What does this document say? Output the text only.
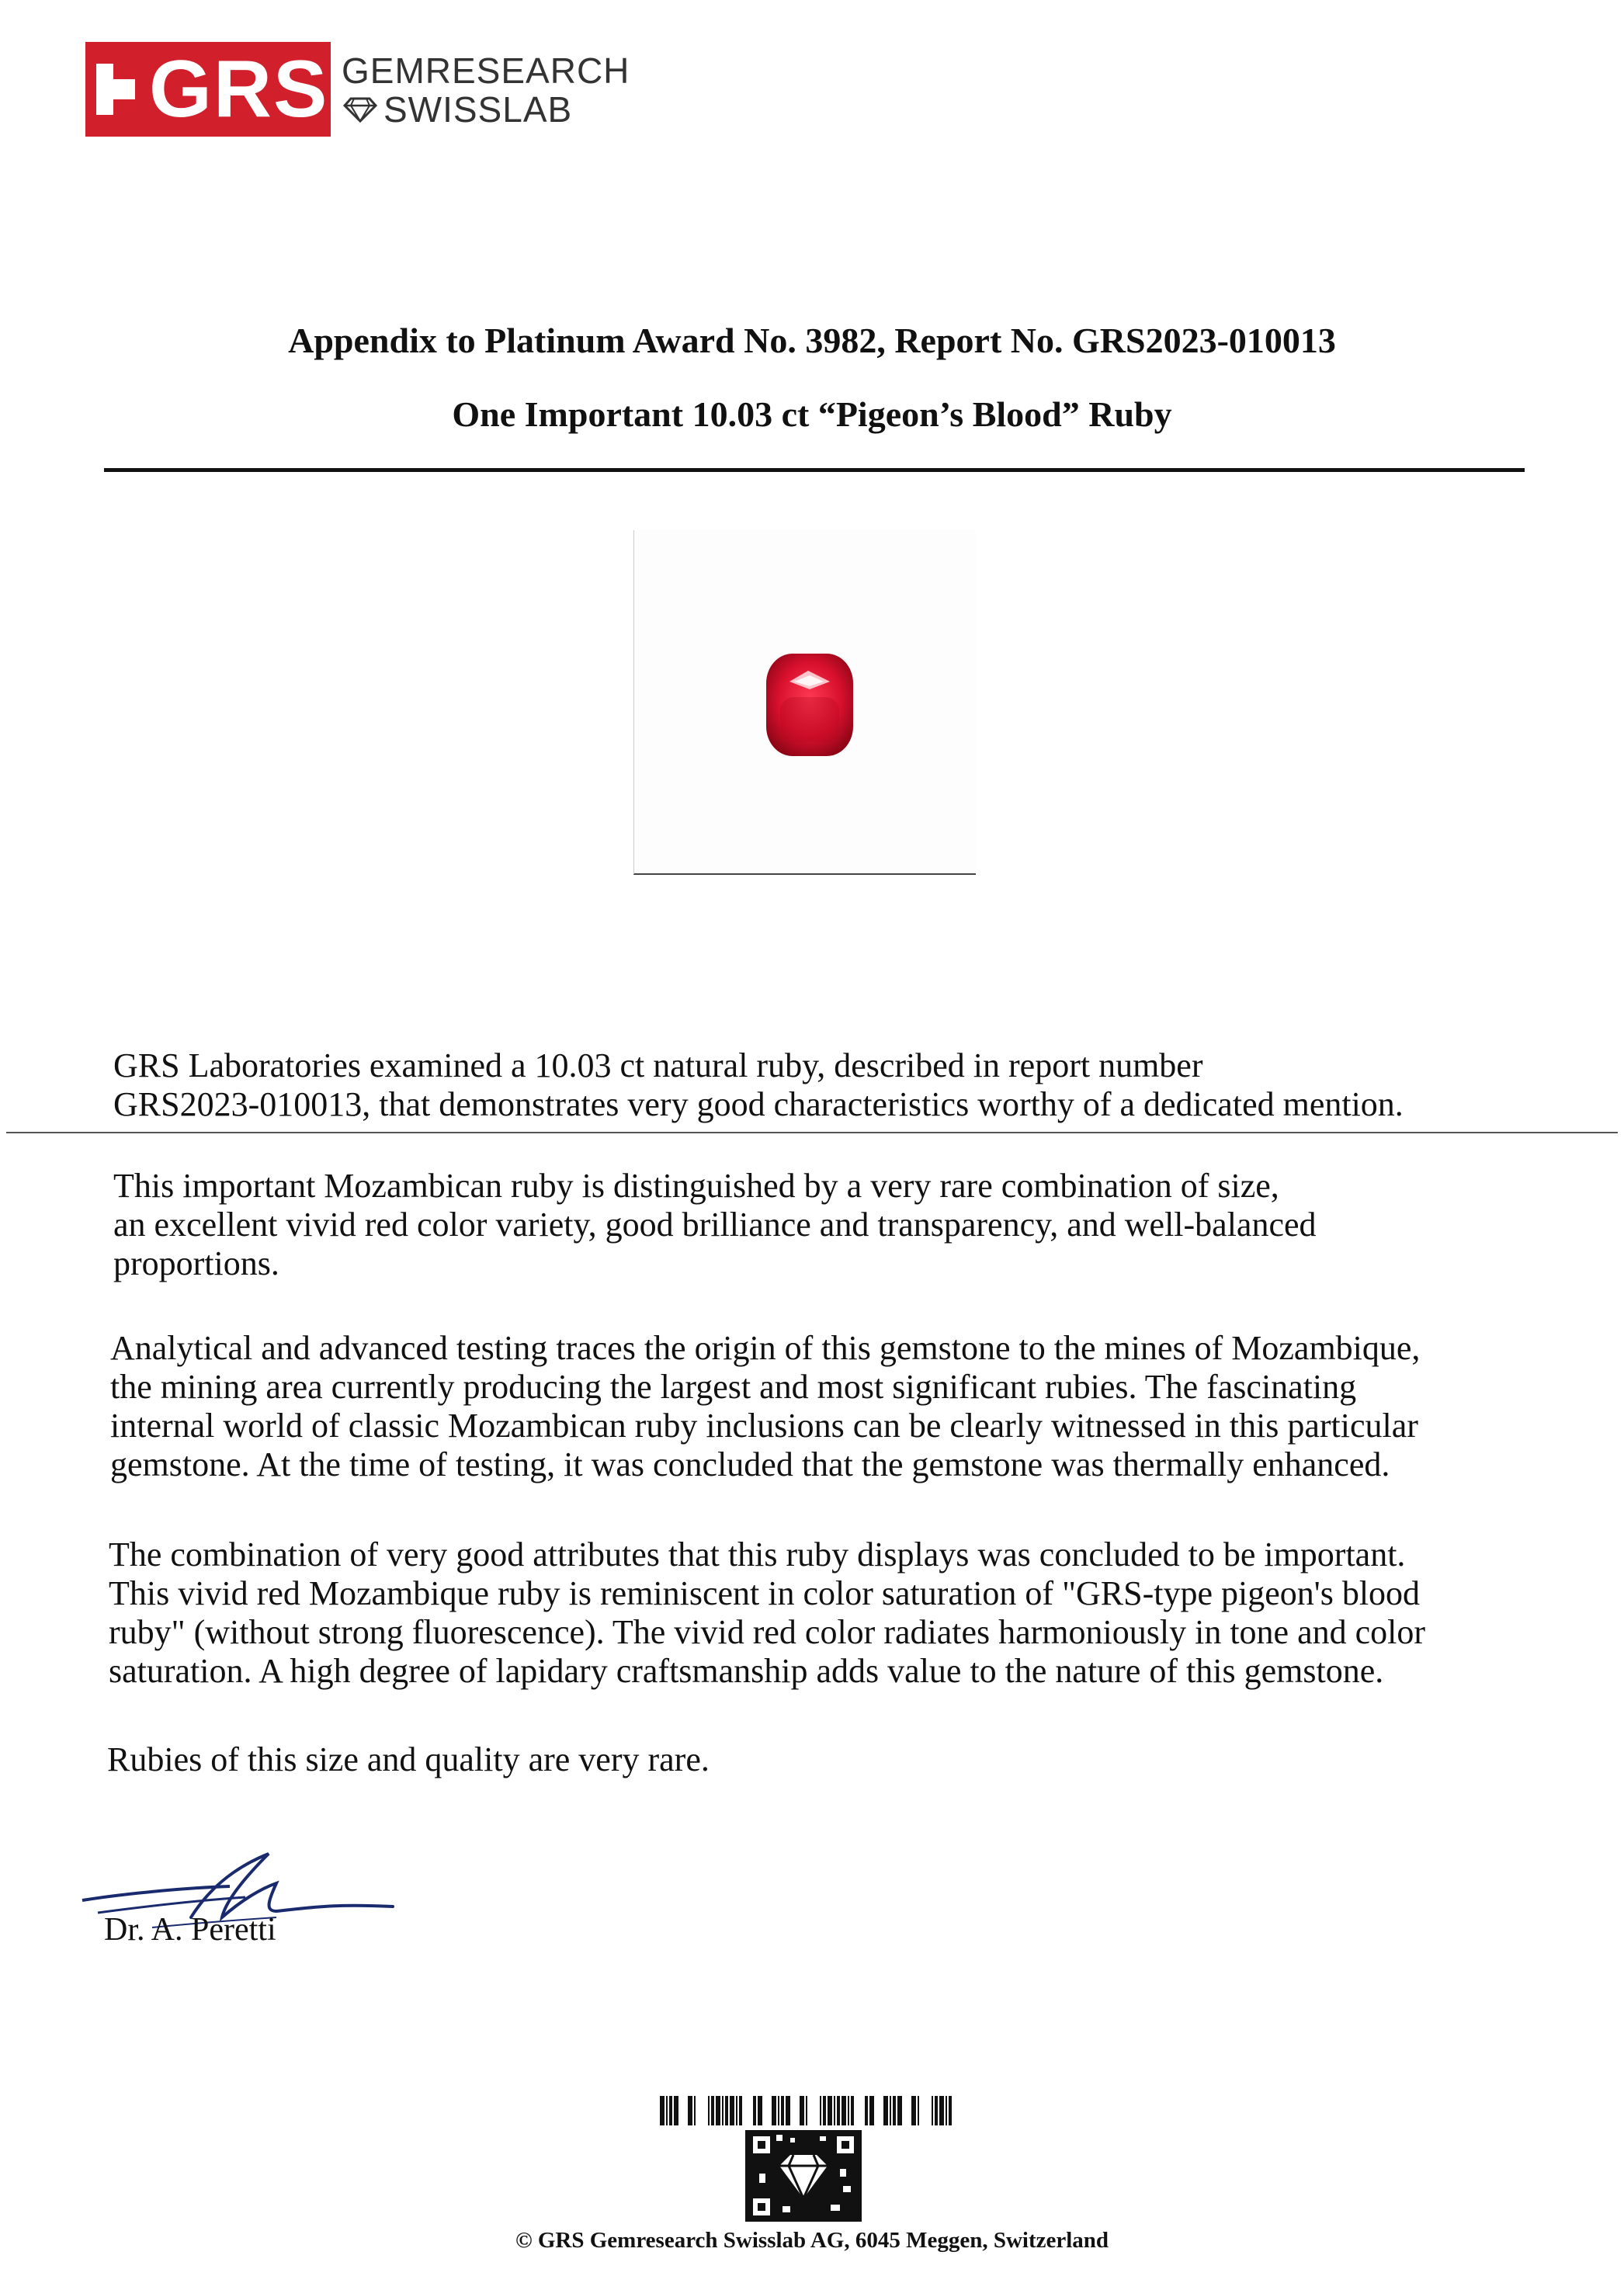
GRS GEMRESEARCH
SWISSLAB
Appendix to Platinum Award No. 3982, Report No. GRS2023-010013
One Important 10.03 ct “Pigeon’s Blood” Ruby
GRS Laboratories examined a 10.03 ct natural ruby, described in report number
GRS2023-010013, that demonstrates very good characteristics worthy of a dedicated mention.
This important Mozambican ruby is distinguished by a very rare combination of size,
an excellent vivid red color variety, good brilliance and transparency, and well-balanced
proportions.
Analytical and advanced testing traces the origin of this gemstone to the mines of Mozambique,
the mining area currently producing the largest and most significant rubies. The fascinating
internal world of classic Mozambican ruby inclusions can be clearly witnessed in this particular
gemstone. At the time of testing, it was concluded that the gemstone was thermally enhanced.
The combination of very good attributes that this ruby displays was concluded to be important.
This vivid red Mozambique ruby is reminiscent in color saturation of "GRS-type pigeon's blood
ruby" (without strong fluorescence). The vivid red color radiates harmoniously in tone and color
saturation. A high degree of lapidary craftsmanship adds value to the nature of this gemstone.
Rubies of this size and quality are very rare.
Dr. A. Peretti
© GRS Gemresearch Swisslab AG, 6045 Meggen, Switzerland
